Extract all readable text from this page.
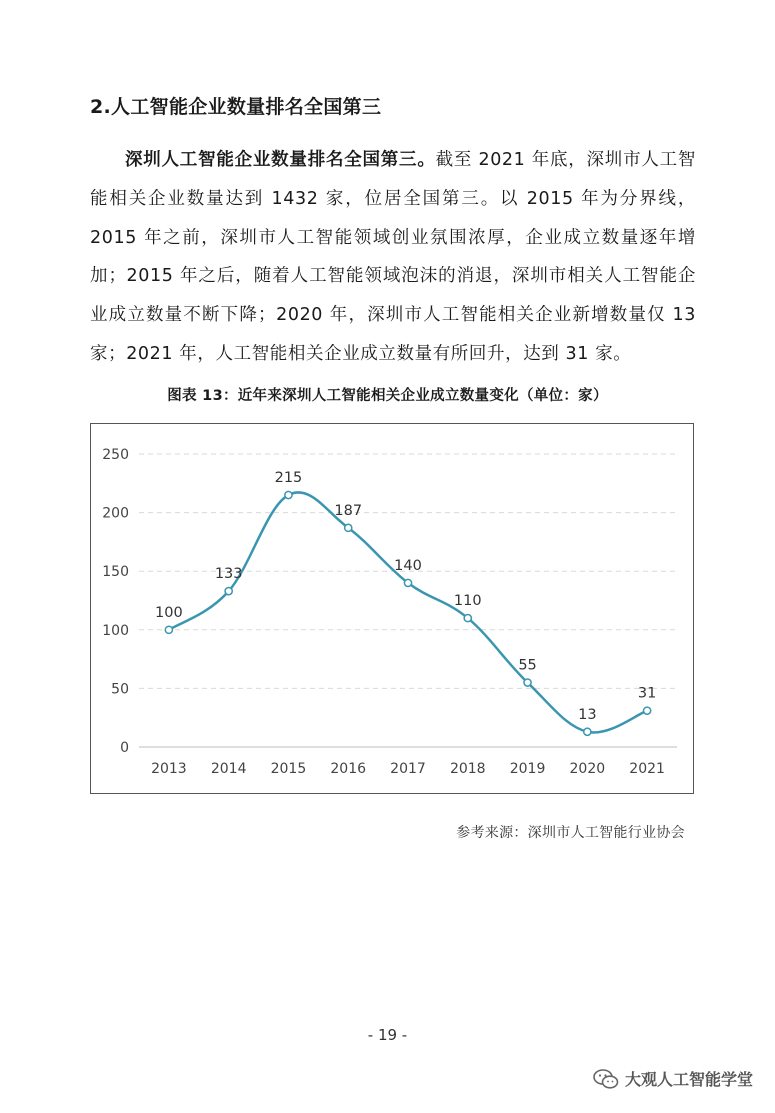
2.人工智能企业数量排名全国第三

深圳人工智能企业数量排名全国第三。截至 2021 年底，深圳市人工智能相关企业数量达到 1432 家，位居全国第三。以 2015 年为分界线，2015 年之前，深圳市人工智能领域创业氛围浓厚，企业成立数量逐年增加；2015 年之后，随着人工智能领域泡沫的消退，深圳市相关人工智能企业成立数量不断下降；2020 年，深圳市人工智能相关企业新增数量仅 13 家；2021 年，人工智能相关企业成立数量有所回升，达到 31 家。

图表 13：近年来深圳人工智能相关企业成立数量变化（单位：家）
0
50
100
150
200
250
2013 2014 2015 2016 2017 2018 2019 2020 2021
100
133
215
187
140
110
55
13
31
参考来源：深圳市人工智能行业协会
- 19 -
大观人工智能学堂
